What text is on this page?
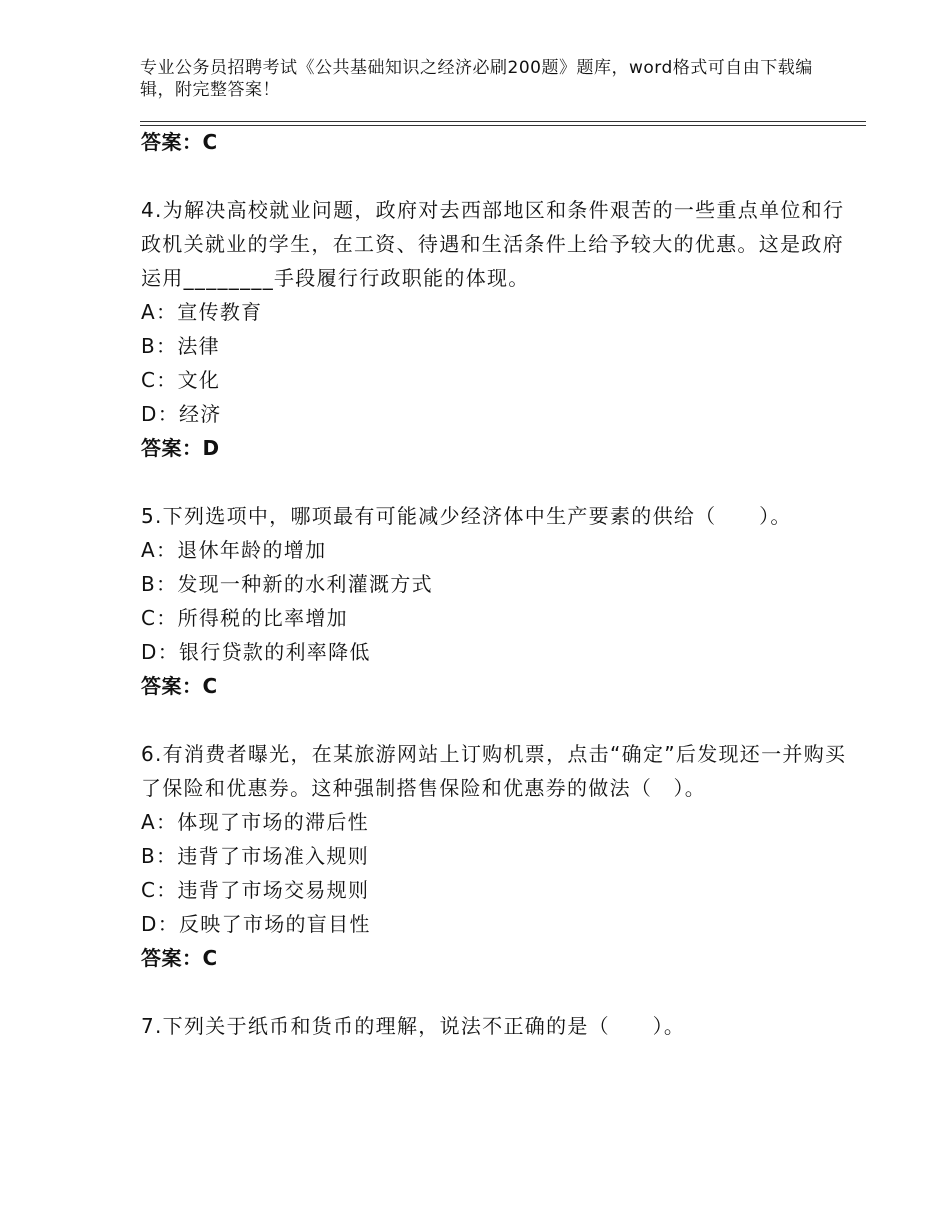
专业公务员招聘考试《公共基础知识之经济必刷200题》题库，word格式可自由下载编辑，附完整答案！
答案：C
4.为解决高校就业问题，政府对去西部地区和条件艰苦的一些重点单位和行政机关就业的学生，在工资、待遇和生活条件上给予较大的优惠。这是政府运用________手段履行行政职能的体现。
A：宣传教育
B：法律
C：文化
D：经济
答案：D
5.下列选项中，哪项最有可能减少经济体中生产要素的供给（　　）。
A：退休年龄的增加
B：发现一种新的水利灌溉方式
C：所得税的比率增加
D：银行贷款的利率降低
答案：C
6.有消费者曝光，在某旅游网站上订购机票，点击“确定”后发现还一并购买了保险和优惠券。这种强制搭售保险和优惠券的做法（　）。
A：体现了市场的滞后性
B：违背了市场准入规则
C：违背了市场交易规则
D：反映了市场的盲目性
答案：C
7.下列关于纸币和货币的理解，说法不正确的是（　　）。
